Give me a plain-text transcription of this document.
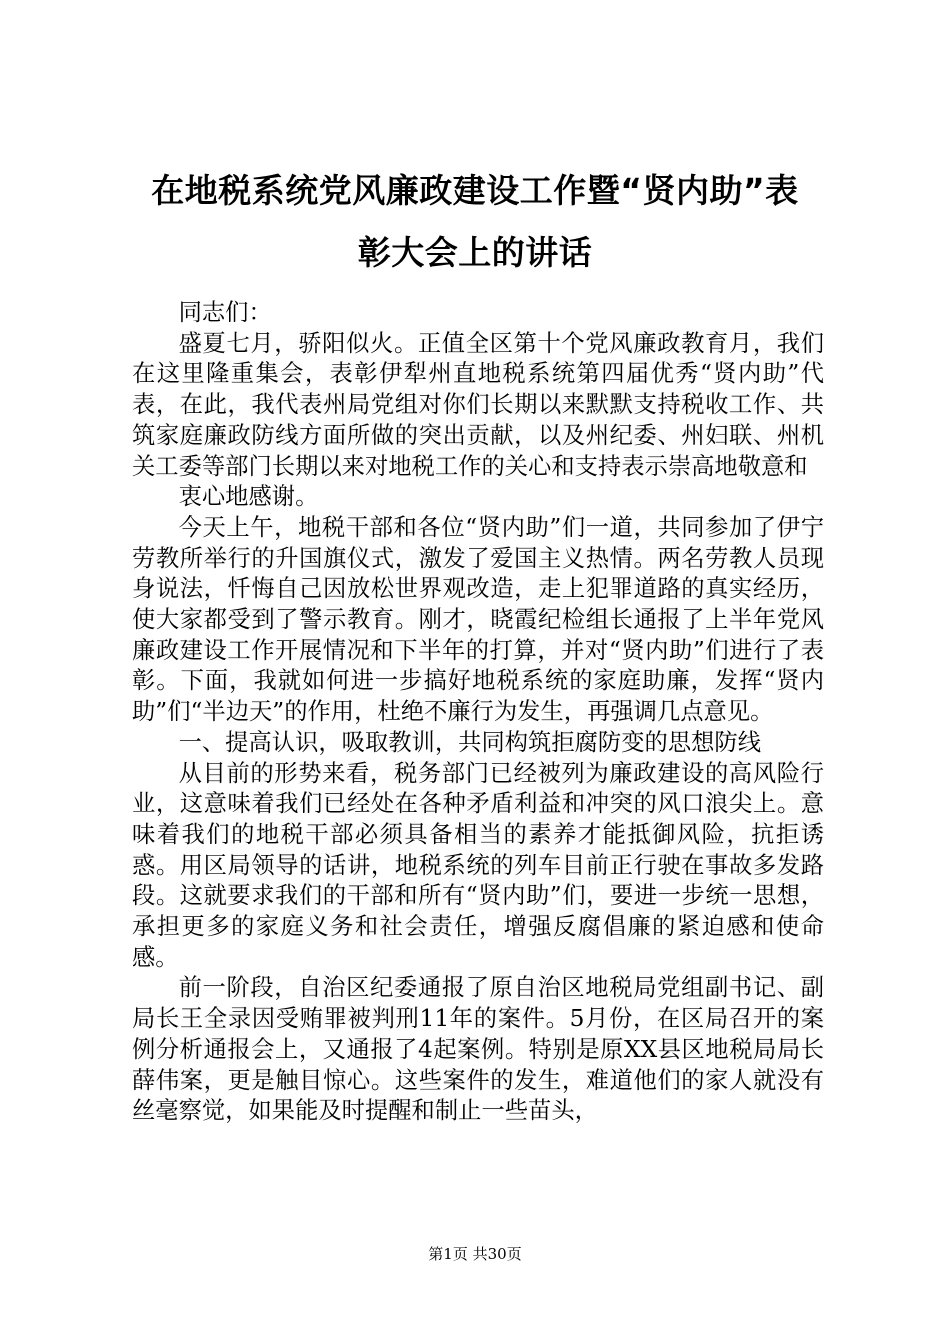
在地税系统党风廉政建设工作暨“贤内助”表
彰大会上的讲话

同志们：

盛夏七月，骄阳似火。正值全区第十个党风廉政教育月，我们在这里隆重集会，表彰伊犁州直地税系统第四届优秀“贤内助”代表，在此，我代表州局党组对你们长期以来默默支持税收工作、共筑家庭廉政防线方面所做的突出贡献，以及州纪委、州妇联、州机关工委等部门长期以来对地税工作的关心和支持表示崇高地敬意和

衷心地感谢。

今天上午，地税干部和各位“贤内助”们一道，共同参加了伊宁劳教所举行的升国旗仪式，激发了爱国主义热情。两名劳教人员现身说法，忏悔自己因放松世界观改造，走上犯罪道路的真实经历，使大家都受到了警示教育。刚才，晓霞纪检组长通报了上半年党风廉政建设工作开展情况和下半年的打算，并对“贤内助”们进行了表彰。下面，我就如何进一步搞好地税系统的家庭助廉，发挥“贤内助”们“半边天”的作用，杜绝不廉行为发生，再强调几点意见。

一、提高认识，吸取教训，共同构筑拒腐防变的思想防线

从目前的形势来看，税务部门已经被列为廉政建设的高风险行业，这意味着我们已经处在各种矛盾利益和冲突的风口浪尖上。意味着我们的地税干部必须具备相当的素养才能抵御风险，抗拒诱惑。用区局领导的话讲，地税系统的列车目前正行驶在事故多发路段。这就要求我们的干部和所有“贤内助”们，要进一步统一思想，承担更多的家庭义务和社会责任，增强反腐倡廉的紧迫感和使命感。

前一阶段，自治区纪委通报了原自治区地税局党组副书记、副局长王全录因受贿罪被判刑11年的案件。5月份，在区局召开的案例分析通报会上，又通报了4起案例。特别是原XX县区地税局局长薛伟案，更是触目惊心。这些案件的发生，难道他们的家人就没有丝毫察觉，如果能及时提醒和制止一些苗头，

第1页 共30页
